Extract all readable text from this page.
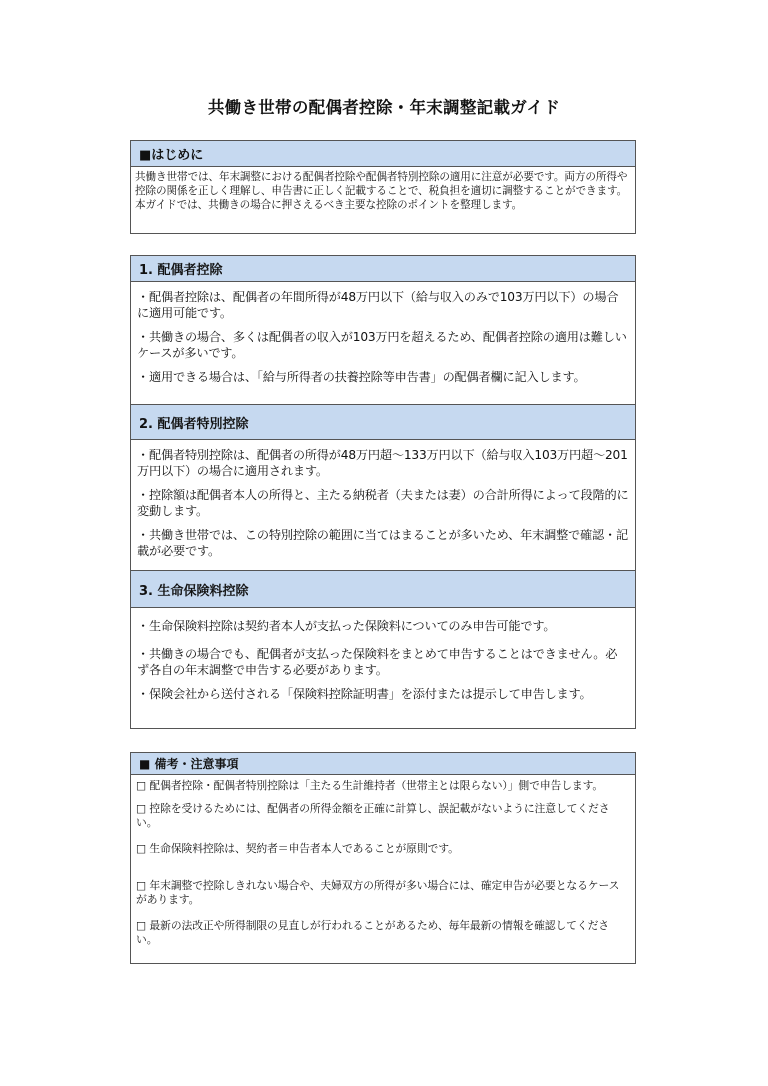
共働き世帯の配偶者控除・年末調整記載ガイド
■はじめに
共働き世帯では、年末調整における配偶者控除や配偶者特別控除の適用に注意が必要です。両方の所得や控除の関係を正しく理解し、申告書に正しく記載することで、税負担を適切に調整することができます。本ガイドでは、共働きの場合に押さえるべき主要な控除のポイントを整理します。
1. 配偶者控除
・配偶者控除は、配偶者の年間所得が48万円以下（給与収入のみで103万円以下）の場合に適用可能です。
・共働きの場合、多くは配偶者の収入が103万円を超えるため、配偶者控除の適用は難しいケースが多いです。
・適用できる場合は、「給与所得者の扶養控除等申告書」の配偶者欄に記入します。
2. 配偶者特別控除
・配偶者特別控除は、配偶者の所得が48万円超〜133万円以下（給与収入103万円超〜201万円以下）の場合に適用されます。
・控除額は配偶者本人の所得と、主たる納税者（夫または妻）の合計所得によって段階的に変動します。
・共働き世帯では、この特別控除の範囲に当てはまることが多いため、年末調整で確認・記載が必要です。
3. 生命保険料控除
・生命保険料控除は契約者本人が支払った保険料についてのみ申告可能です。
・共働きの場合でも、配偶者が支払った保険料をまとめて申告することはできません。必ず各自の年末調整で申告する必要があります。
・保険会社から送付される「保険料控除証明書」を添付または提示して申告します。
■ 備考・注意事項
□ 配偶者控除・配偶者特別控除は「主たる生計維持者（世帯主とは限らない）」側で申告します。
□ 控除を受けるためには、配偶者の所得金額を正確に計算し、誤記載がないように注意してください。
□ 生命保険料控除は、契約者＝申告者本人であることが原則です。
□ 年末調整で控除しきれない場合や、夫婦双方の所得が多い場合には、確定申告が必要となるケースがあります。
□ 最新の法改正や所得制限の見直しが行われることがあるため、毎年最新の情報を確認してください。
